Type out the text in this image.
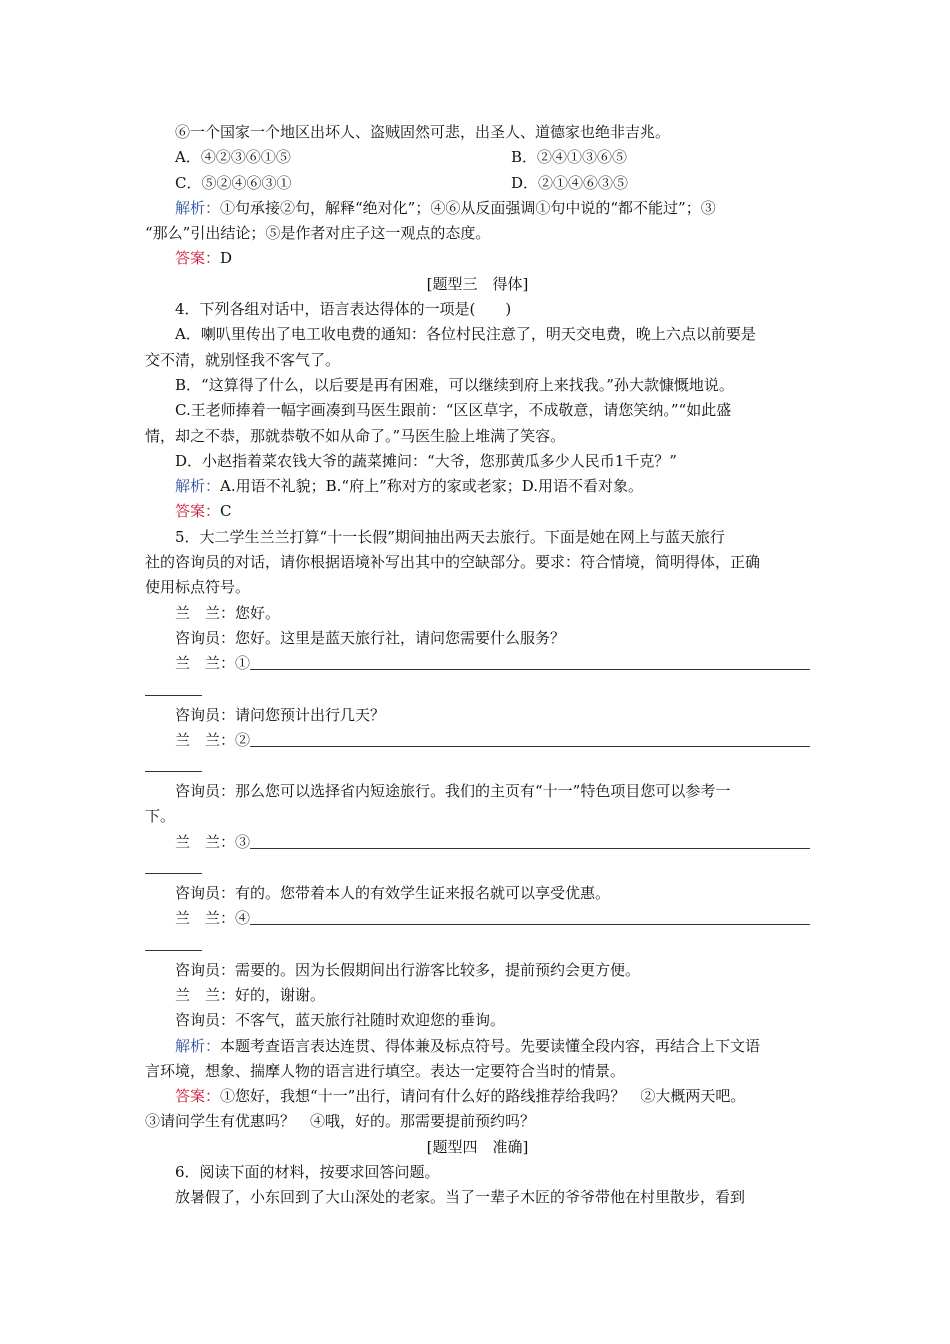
⑥一个国家一个地区出坏人、盗贼固然可悲，出圣人、道德家也绝非吉兆。

A．④②③⑥①⑤	B．②④①③⑥⑤
C．⑤②④⑥③①	D．②①④⑥③⑤

解析：①句承接②句，解释“绝对化”；④⑥从反面强调①句中说的“都不能过”；③

“那么”引出结论；⑤是作者对庄子这一观点的态度。

答案：D

[题型三　得体]

4．下列各组对话中，语言表达得体的一项是(　　)

A．喇叭里传出了电工收电费的通知：各位村民注意了，明天交电费，晚上六点以前要是

交不清，就别怪我不客气了。

B．“这算得了什么，以后要是再有困难，可以继续到府上来找我。”孙大款慷慨地说。

C.王老师捧着一幅字画凑到马医生跟前：“区区草字，不成敬意，请您笑纳。”“如此盛

情，却之不恭，那就恭敬不如从命了。”马医生脸上堆满了笑容。

D．小赵指着菜农钱大爷的蔬菜摊问：“大爷，您那黄瓜多少人民币1千克？”

解析：A.用语不礼貌；B.“府上”称对方的家或老家；D.用语不看对象。

答案：C

5．大二学生兰兰打算“十一长假”期间抽出两天去旅行。下面是她在网上与蓝天旅行

社的咨询员的对话，请你根据语境补写出其中的空缺部分。要求：符合情境，简明得体，正确

使用标点符号。

兰　兰：您好。

咨询员：您好。这里是蓝天旅行社，请问您需要什么服务？

兰　兰：①

咨询员：请问您预计出行几天？

兰　兰：②

咨询员：那么您可以选择省内短途旅行。我们的主页有“十一”特色项目您可以参考一

下。

兰　兰：③

咨询员：有的。您带着本人的有效学生证来报名就可以享受优惠。

兰　兰：④

咨询员：需要的。因为长假期间出行游客比较多，提前预约会更方便。

兰　兰：好的，谢谢。

咨询员：不客气，蓝天旅行社随时欢迎您的垂询。

解析：本题考查语言表达连贯、得体兼及标点符号。先要读懂全段内容，再结合上下文语

言环境，想象、揣摩人物的语言进行填空。表达一定要符合当时的情景。

答案：①您好，我想“十一”出行，请问有什么好的路线推荐给我吗？　②大概两天吧。

③请问学生有优惠吗？　④哦，好的。那需要提前预约吗？

[题型四　准确]

6．阅读下面的材料，按要求回答问题。

放暑假了，小东回到了大山深处的老家。当了一辈子木匠的爷爷带他在村里散步，看到
